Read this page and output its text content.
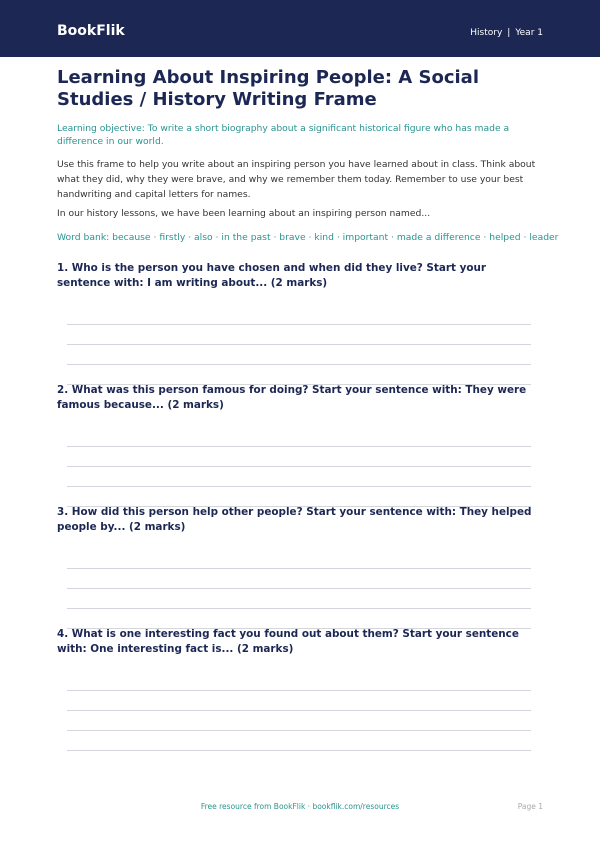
BookFlik	History | Year 1
Learning About Inspiring People: A Social Studies / History Writing Frame

Learning objective: To write a short biography about a significant historical figure who has made a difference in our world.

Use this frame to help you write about an inspiring person you have learned about in class. Think about what they did, why they were brave, and why we remember them today. Remember to use your best handwriting and capital letters for names.

In our history lessons, we have been learning about an inspiring person named...

Word bank: because · firstly · also · in the past · brave · kind · important · made a difference · helped · leader

1. Who is the person you have chosen and when did they live? Start your sentence with: I am writing about... (2 marks)
2. What was this person famous for doing? Start your sentence with: They were famous because... (2 marks)
3. How did this person help other people? Start your sentence with: They helped people by... (2 marks)
4. What is one interesting fact you found out about them? Start your sentence with: One interesting fact is... (2 marks)
Free resource from BookFlik · bookflik.com/resources	Page 1
